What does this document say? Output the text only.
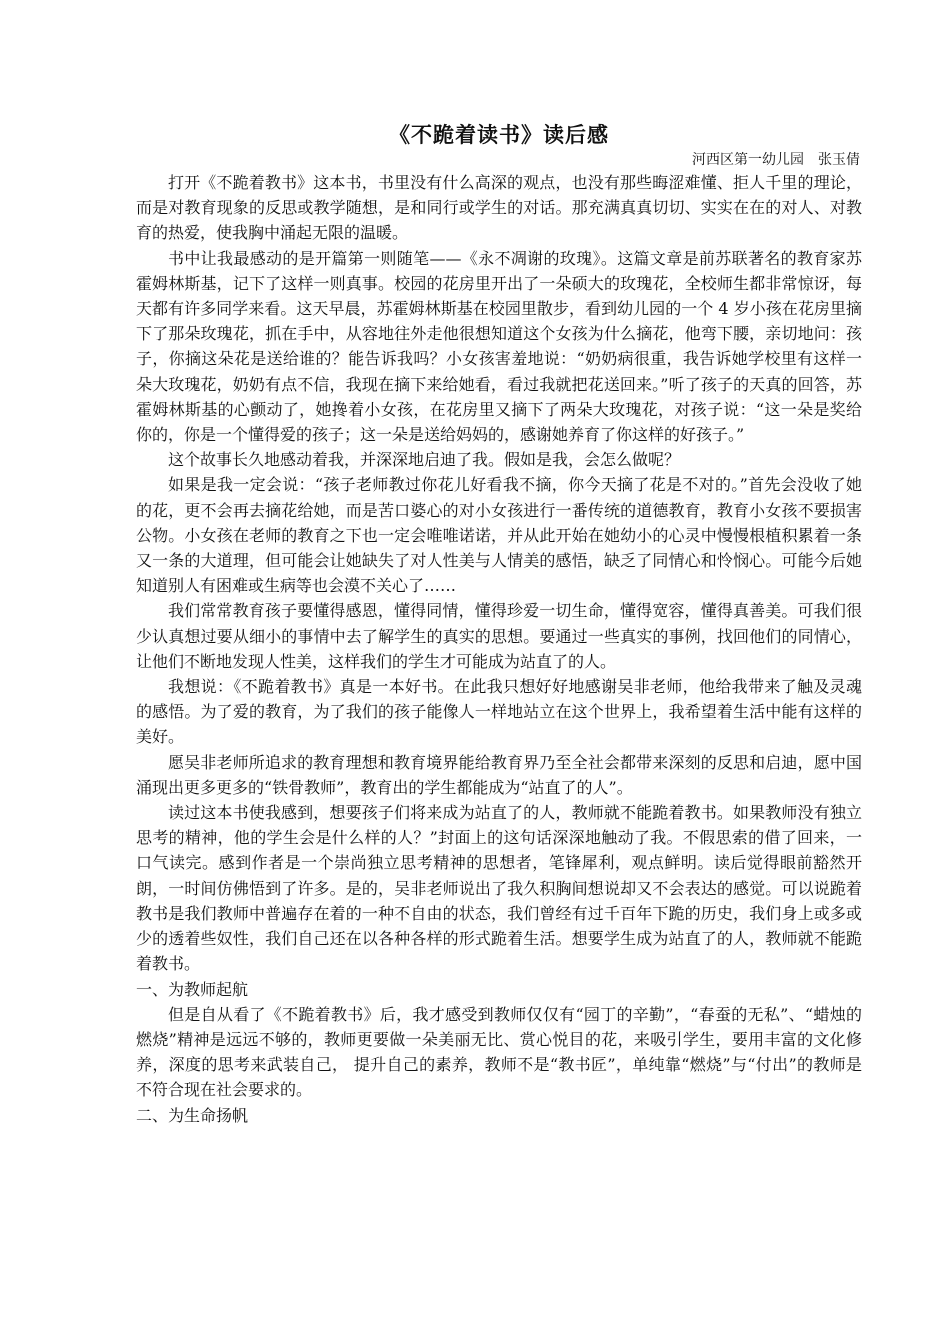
《不跪着读书》读后感
河西区第一幼儿园　张玉倩

打开《不跪着教书》这本书，书里没有什么高深的观点，也没有那些晦涩难懂、拒人千里的理论，而是对教育现象的反思或教学随想，是和同行或学生的对话。那充满真真切切、实实在在的对人、对教育的热爱，使我胸中涌起无限的温暖。

书中让我最感动的是开篇第一则随笔——《永不凋谢的玫瑰》。这篇文章是前苏联著名的教育家苏霍姆林斯基，记下了这样一则真事。校园的花房里开出了一朵硕大的玫瑰花，全校师生都非常惊讶，每天都有许多同学来看。这天早晨，苏霍姆林斯基在校园里散步，看到幼儿园的一个 4 岁小孩在花房里摘下了那朵玫瑰花，抓在手中，从容地往外走他很想知道这个女孩为什么摘花，他弯下腰，亲切地问：孩子，你摘这朵花是送给谁的？能告诉我吗？小女孩害羞地说：“奶奶病很重，我告诉她学校里有这样一朵大玫瑰花，奶奶有点不信，我现在摘下来给她看，看过我就把花送回来。”听了孩子的天真的回答，苏霍姆林斯基的心颤动了，她搀着小女孩，在花房里又摘下了两朵大玫瑰花，对孩子说：“这一朵是奖给你的，你是一个懂得爱的孩子；这一朵是送给妈妈的，感谢她养育了你这样的好孩子。”

这个故事长久地感动着我，并深深地启迪了我。假如是我，会怎么做呢？

如果是我一定会说：“孩子老师教过你花儿好看我不摘，你今天摘了花是不对的。”首先会没收了她的花，更不会再去摘花给她，而是苦口婆心的对小女孩进行一番传统的道德教育，教育小女孩不要损害公物。小女孩在老师的教育之下也一定会唯唯诺诺，并从此开始在她幼小的心灵中慢慢根植积累着一条又一条的大道理，但可能会让她缺失了对人性美与人情美的感悟，缺乏了同情心和怜悯心。可能今后她知道别人有困难或生病等也会漠不关心了……

我们常常教育孩子要懂得感恩，懂得同情，懂得珍爱一切生命，懂得宽容，懂得真善美。可我们很少认真想过要从细小的事情中去了解学生的真实的思想。要通过一些真实的事例，找回他们的同情心，让他们不断地发现人性美，这样我们的学生才可能成为站直了的人。

我想说：《不跪着教书》真是一本好书。在此我只想好好地感谢吴非老师，他给我带来了触及灵魂的感悟。为了爱的教育，为了我们的孩子能像人一样地站立在这个世界上，我希望着生活中能有这样的美好。

愿吴非老师所追求的教育理想和教育境界能给教育界乃至全社会都带来深刻的反思和启迪，愿中国涌现出更多更多的“铁骨教师”，教育出的学生都能成为“站直了的人”。

读过这本书使我感到，想要孩子们将来成为站直了的人，教师就不能跪着教书。如果教师没有独立思考的精神，他的学生会是什么样的人？”封面上的这句话深深地触动了我。不假思索的借了回来，一口气读完。感到作者是一个崇尚独立思考精神的思想者，笔锋犀利，观点鲜明。读后觉得眼前豁然开朗，一时间仿佛悟到了许多。是的，吴非老师说出了我久积胸间想说却又不会表达的感觉。可以说跪着教书是我们教师中普遍存在着的一种不自由的状态，我们曾经有过千百年下跪的历史，我们身上或多或少的透着些奴性，我们自己还在以各种各样的形式跪着生活。想要学生成为站直了的人，教师就不能跪着教书。

一、为教师起航

但是自从看了《不跪着教书》后，我才感受到教师仅仅有“园丁的辛勤”，“春蚕的无私”、“蜡烛的燃烧”精神是远远不够的，教师更要做一朵美丽无比、赏心悦目的花，来吸引学生，要用丰富的文化修养，深度的思考来武装自己， 提升自己的素养，教师不是“教书匠”，单纯靠“燃烧”与“付出”的教师是不符合现在社会要求的。

二、为生命扬帆
